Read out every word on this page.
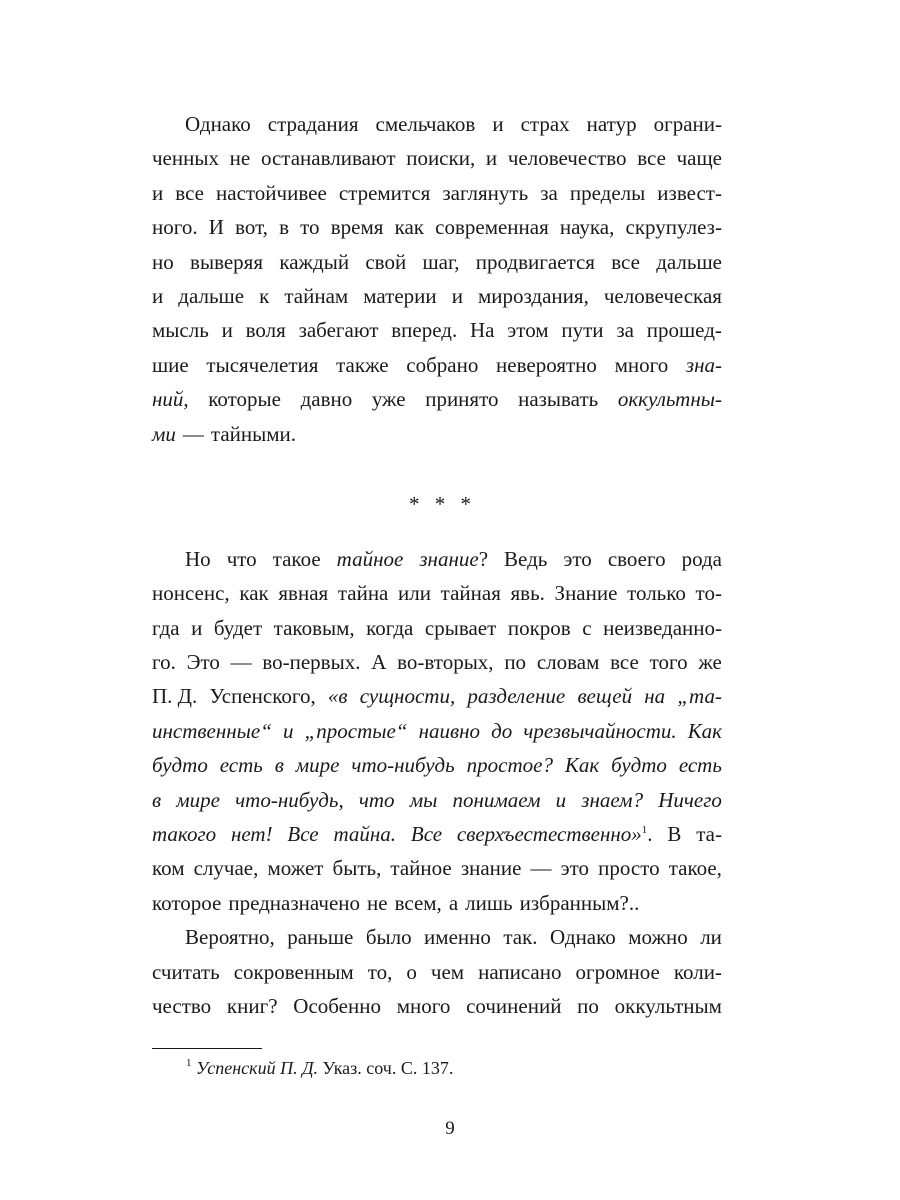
Однако страдания смельчаков и страх натур ограни-
ченных не останавливают поиски, и человечество все чаще
и все настойчивее стремится заглянуть за пределы извест-
ного. И вот, в то время как современная наука, скрупулез-
но выверяя каждый свой шаг, продвигается все дальше
и дальше к тайнам материи и мироздания, человеческая
мысль и воля забегают вперед. На этом пути за прошед-
шие тысячелетия также собрано невероятно много зна-
ний, которые давно уже принято называть оккультны-
ми — тайными.
* * *
Но что такое тайное знание? Ведь это своего рода
нонсенс, как явная тайна или тайная явь. Знание только то-
гда и будет таковым, когда срывает покров с неизведанно-
го. Это — во-первых. А во-вторых, по словам все того же
П. Д. Успенского, «в сущности, разделение вещей на „та-
инственные“ и „простые“ наивно до чрезвычайности. Как
будто есть в мире что-нибудь простое? Как будто есть
в мире что-нибудь, что мы понимаем и знаем? Ничего
такого нет! Все тайна. Все сверхъестественно»$^1$. В та-
ком случае, может быть, тайное знание — это просто такое,
которое предназначено не всем, а лишь избранным?..
Вероятно, раньше было именно так. Однако можно ли
считать сокровенным то, о чем написано огромное коли-
чество книг? Особенно много сочинений по оккультным
$^1$ Успенский П. Д. Указ. соч. С. 137.
9
